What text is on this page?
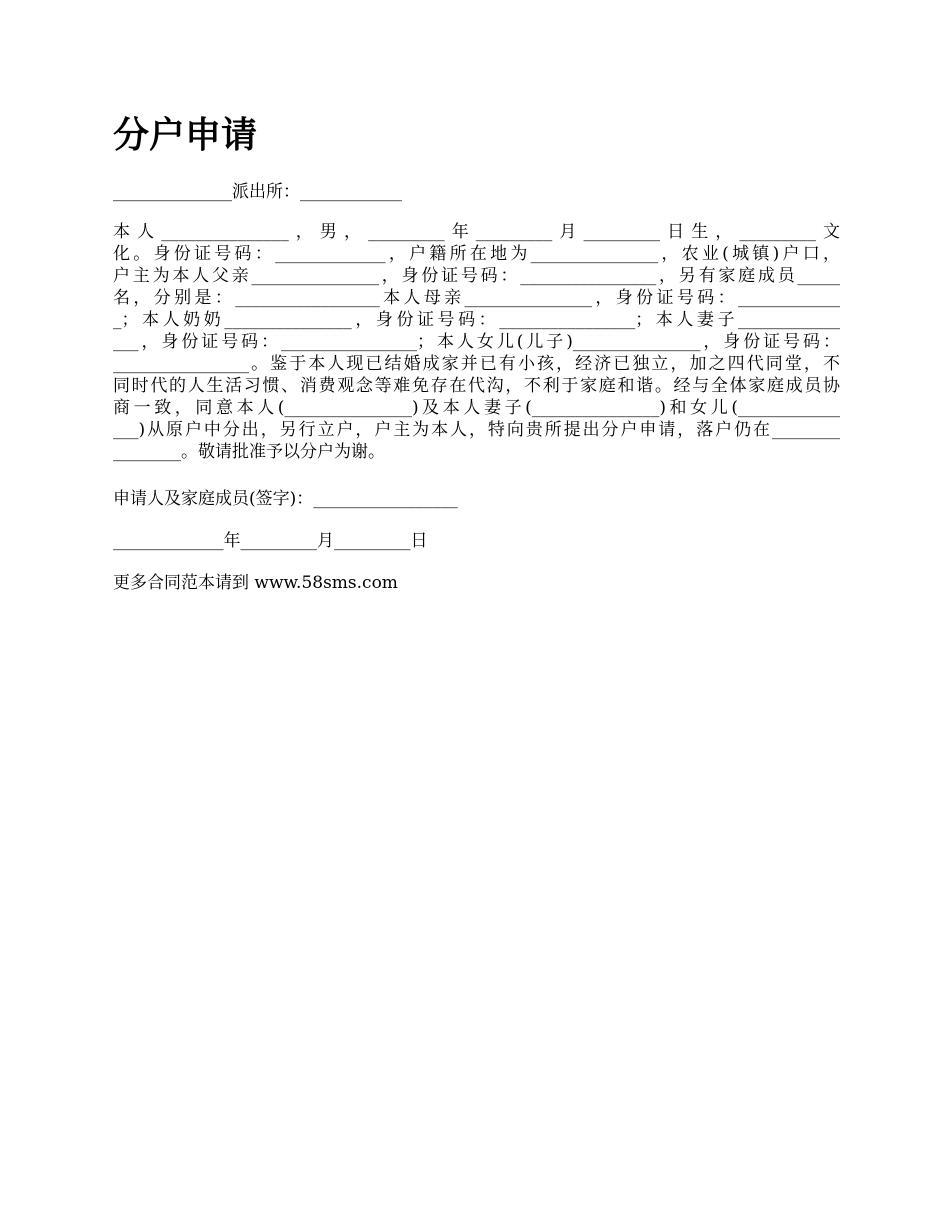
分户申请

______________派出所：____________

本人_______________，男，_________年_________月_________日生，_________文
化。身份证号码：_____________，户籍所在地为_______________，农业(城镇)户口，
户主为本人父亲_______________，身份证号码：________________，另有家庭成员_____
名，分别是：_________________本人母亲_______________，身份证号码：____________
_；本人奶奶_______________，身份证号码：________________；本人妻子____________
___，身份证号码：________________；本人女儿(儿子)_______________，身份证号码：
________________。鉴于本人现已结婚成家并已有小孩，经济已独立，加之四代同堂，不
同时代的人生活习惯、消费观念等难免存在代沟，不利于家庭和谐。经与全体家庭成员协
商一致，同意本人(_______________)及本人妻子(_______________)和女儿(____________
___)从原户中分出，另行立户，户主为本人，特向贵所提出分户申请，落户仍在________
________。敬请批准予以分户为谢。

申请人及家庭成员(签字)：_________________

_____________年_________月_________日

更多合同范本请到 www.58sms.com
